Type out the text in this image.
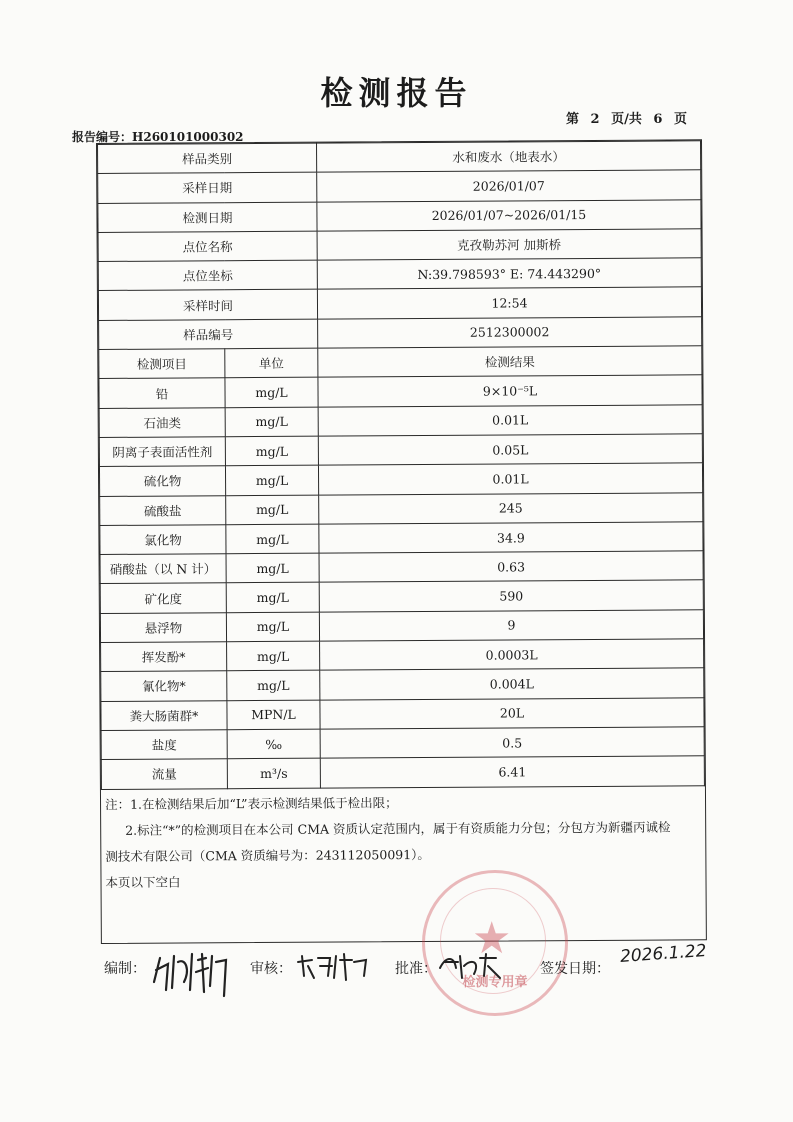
检测报告
第 2 页/共 6 页
报告编号：H260101000302
样品类别		水和废水（地表水）
采样日期		2026/01/07
检测日期		2026/01/07~2026/01/15
点位名称		克孜勒苏河 加斯桥
点位坐标		N:39.798593° E: 74.443290°
采样时间		12:54
样品编号		2512300002
检测项目	单位	检测结果
铅	mg/L	9×10⁻⁵L
石油类	mg/L	0.01L
阴离子表面活性剂	mg/L	0.05L
硫化物	mg/L	0.01L
硫酸盐	mg/L	245
氯化物	mg/L	34.9
硝酸盐（以 N 计）	mg/L	0.63
矿化度	mg/L	590
悬浮物	mg/L	9
挥发酚*	mg/L	0.0003L
氰化物*	mg/L	0.004L
粪大肠菌群*	MPN/L	20L
盐度	‰	0.5
流量	m³/s	6.41

注：1.在检测结果后加“L”表示检测结果低于检出限；

2.标注“*”的检测项目在本公司 CMA 资质认定范围内，属于有资质能力分包；分包方为新疆丙诚检

测技术有限公司（CMA 资质编号为：243112050091）。

本页以下空白

★
检测专用章
编制：	审核：	批准：	签发日期：
2026.1.22
